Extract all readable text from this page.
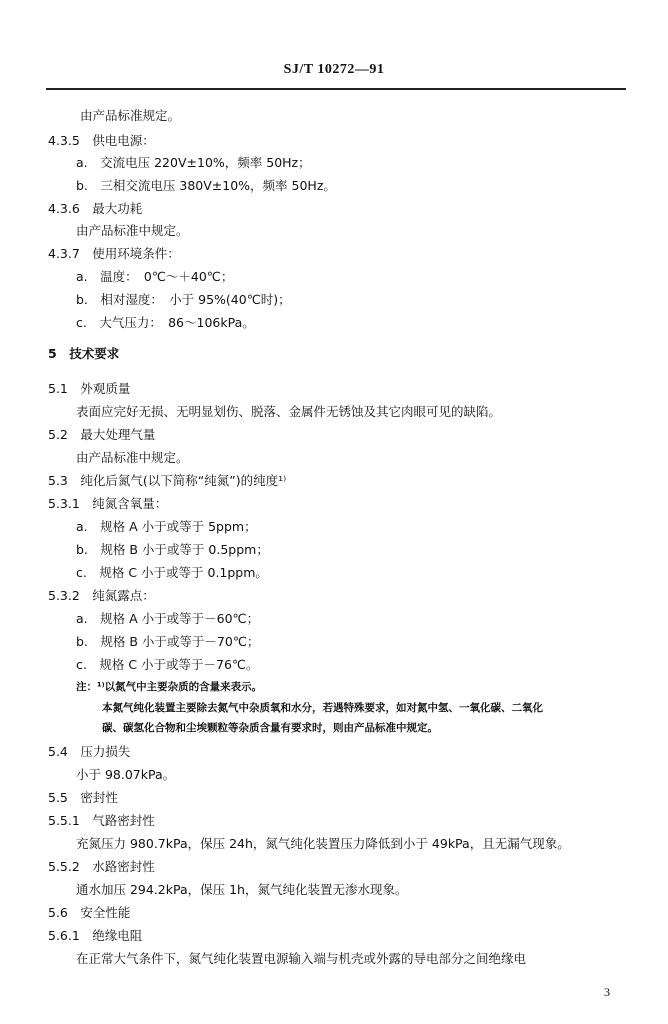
SJ/T 10272—91
由产品标准规定。
4.3.5　供电电源：
a.　交流电压 220V±10%，频率 50Hz；
b.　三相交流电压 380V±10%，频率 50Hz。
4.3.6　最大功耗
由产品标准中规定。
4.3.7　使用环境条件：
a.　温度：　0℃～＋40℃；
b.　相对湿度：　小于 95%(40℃时)；
c.　大气压力：　86～106kPa。
5　技术要求
5.1　外观质量
表面应完好无损、无明显划伤、脱落、金属件无锈蚀及其它肉眼可见的缺陷。
5.2　最大处理气量
由产品标准中规定。
5.3　纯化后氮气(以下简称“纯氮”)的纯度¹⁾
5.3.1　纯氮含氧量：
a.　规格 A 小于或等于 5ppm；
b.　规格 B 小于或等于 0.5ppm；
c.　规格 C 小于或等于 0.1ppm。
5.3.2　纯氮露点：
a.　规格 A 小于或等于－60℃；
b.　规格 B 小于或等于－70℃；
c.　规格 C 小于或等于－76℃。
注：¹⁾以氮气中主要杂质的含量来表示。
本氮气纯化装置主要除去氮气中杂质氧和水分，若遇特殊要求，如对氮中氢、一氧化碳、二氧化
碳、碳氢化合物和尘埃颗粒等杂质含量有要求时，则由产品标准中规定。
5.4　压力损失
小于 98.07kPa。
5.5　密封性
5.5.1　气路密封性
充氮压力 980.7kPa，保压 24h，氮气纯化装置压力降低到小于 49kPa，且无漏气现象。
5.5.2　水路密封性
通水加压 294.2kPa，保压 1h，氮气纯化装置无渗水现象。
5.6　安全性能
5.6.1　绝缘电阻
在正常大气条件下，氮气纯化装置电源输入端与机壳或外露的导电部分之间绝缘电
3
